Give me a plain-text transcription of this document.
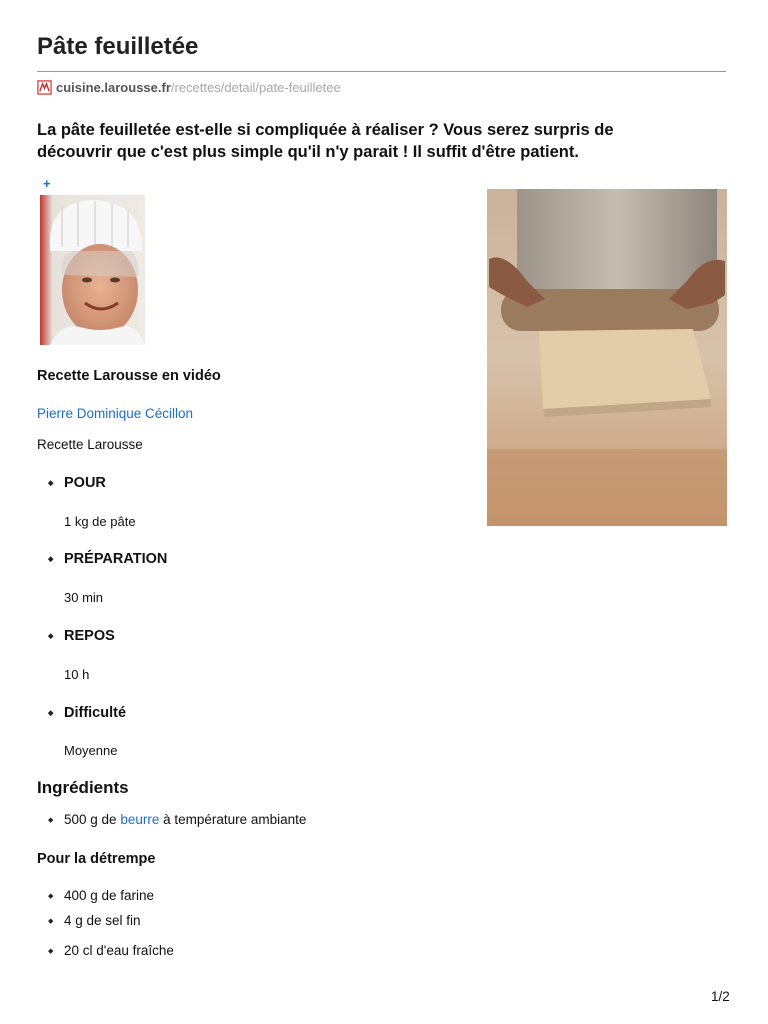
Pâte feuilletée
cuisine.larousse.fr /recettes/detail/pate-feuilletee

La pâte feuilletée est-elle si compliquée à réaliser ? Vous serez surpris de découvrir que c'est plus simple qu'il n'y parait ! Il suffit d'être patient.

+
Recette Larousse en vidéo
Pierre Dominique Cécillon
Recette Larousse
◆ POUR
1 kg de pâte
◆ PRÉPARATION
30 min
◆ REPOS
10 h
◆ Difficulté
Moyenne
Ingrédients
◆ 500 g de beurre à température ambiante
Pour la détrempe
◆ 400 g de farine
◆ 4 g de sel fin
◆ 20 cl d'eau fraîche
1/2
